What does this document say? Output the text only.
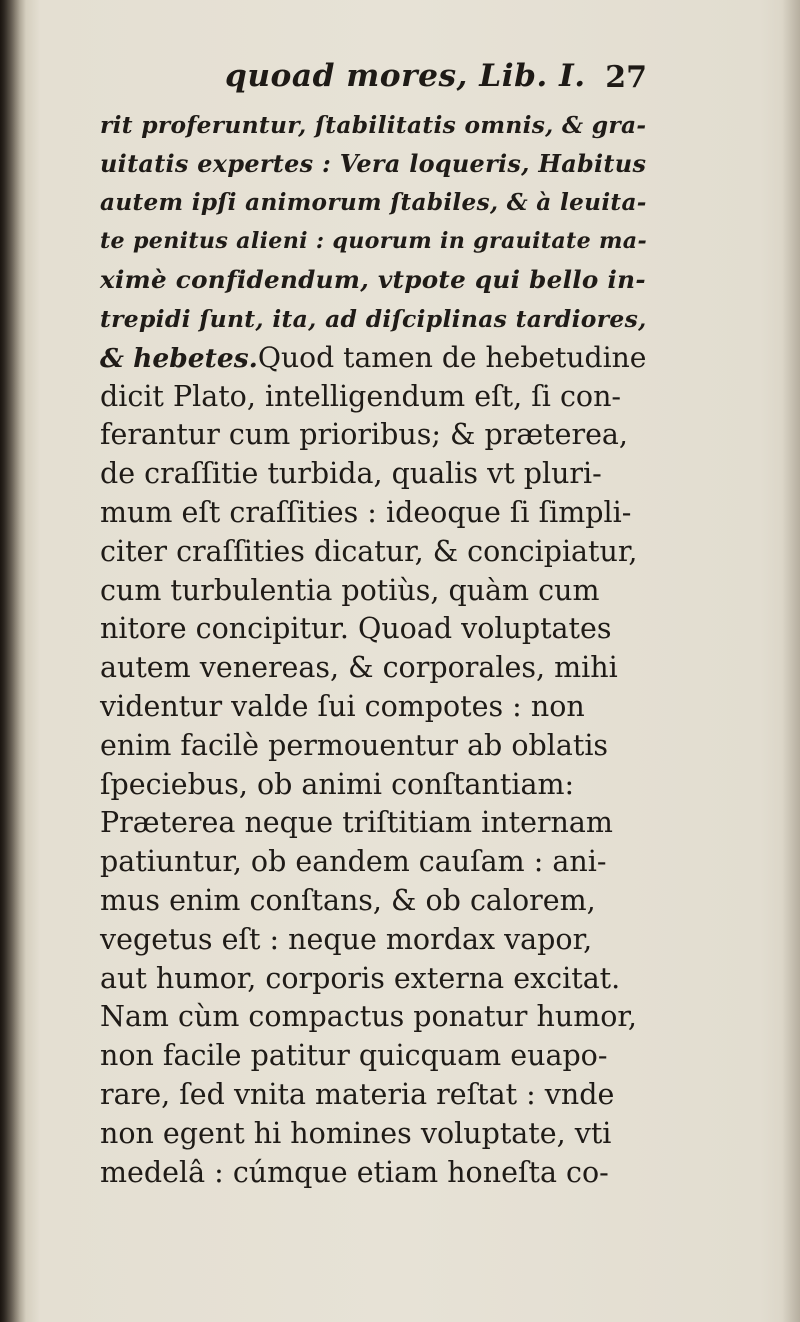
quoad mores, Lib. I. 27
rit proferuntur, ſtabilitatis omnis, & gra-
uitatis expertes : Vera loqueris, Habitus
autem ipſi animorum ſtabiles, & à leuita-
te penitus alieni : quorum in grauitate ma-
ximè confidendum, vtpote qui bello in-
trepidi ſunt, ita, ad diſciplinas tardiores,
& hebetes.Quod tamen de hebetudine
dicit Plato, intelligendum eſt, ſi con-
ferantur cum prioribus; & præterea,
de craſſitie turbida, qualis vt pluri-
mum eſt craſſities : ideoque ſi ſimpli-
citer craſſities dicatur, & concipiatur,
cum turbulentia potiùs, quàm cum
nitore concipitur. Quoad voluptates
autem venereas, & corporales, mihi
videntur valde ſui compotes : non
enim facilè permouentur ab oblatis
ſpeciebus, ob animi conſtantiam:
Præterea neque triſtitiam internam
patiuntur, ob eandem cauſam : ani-
mus enim conſtans, & ob calorem,
vegetus eſt : neque mordax vapor,
aut humor, corporis externa excitat.
Nam cùm compactus ponatur humor,
non facile patitur quicquam euapo-
rare, ſed vnita materia reſtat : vnde
non egent hi homines voluptate, vti
medelâ : cúmque etiam honeſta co-
